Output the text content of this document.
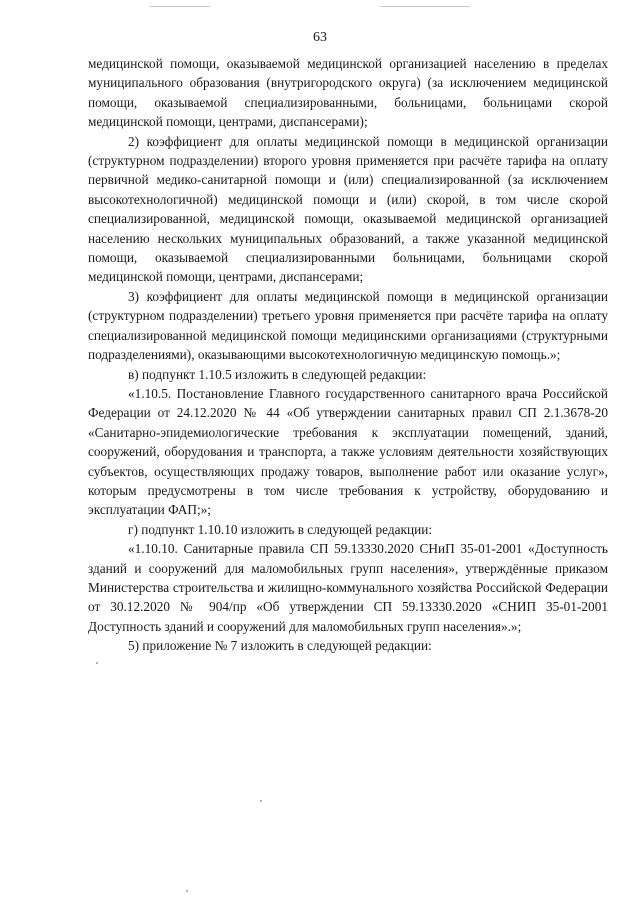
63

медицинской помощи, оказываемой медицинской организацией населению в пределах муниципального образования (внутригородского округа) (за исключением медицинской помощи, оказываемой специализированными, больницами, больницами скорой медицинской помощи, центрами, диспансерами);

2) коэффициент для оплаты медицинской помощи в медицинской организации (структурном подразделении) второго уровня применяется при расчёте тарифа на оплату первичной медико-санитарной помощи и (или) специализированной (за исключением высокотехнологичной) медицинской помощи и (или) скорой, в том числе скорой специализированной, медицинской помощи, оказываемой медицинской организацией населению нескольких муниципальных образований, а также указанной медицинской помощи, оказываемой специализированными больницами, больницами скорой медицинской помощи, центрами, диспансерами;

3) коэффициент для оплаты медицинской помощи в медицинской организации (структурном подразделении) третьего уровня применяется при расчёте тарифа на оплату специализированной медицинской помощи медицинскими организациями (структурными подразделениями), оказывающими высокотехнологичную медицинскую помощь.»;

в) подпункт 1.10.5 изложить в следующей редакции:

«1.10.5. Постановление Главного государственного санитарного врача Российской Федерации от 24.12.2020 № 44 «Об утверждении санитарных правил СП 2.1.3678-20 «Санитарно-эпидемиологические требования к эксплуатации помещений, зданий, сооружений, оборудования и транспорта, а также условиям деятельности хозяйствующих субъектов, осуществляющих продажу товаров, выполнение работ или оказание услуг», которым предусмотрены в том числе требования к устройству, оборудованию и эксплуатации ФАП;»;

г) подпункт 1.10.10 изложить в следующей редакции:

«1.10.10. Санитарные правила СП 59.13330.2020 СНиП 35-01-2001 «Доступность зданий и сооружений для маломобильных групп населения», утверждённые приказом Министерства строительства и жилищно-коммунального хозяйства Российской Федерации от 30.12.2020 № 904/пр «Об утверждении СП 59.13330.2020 «СНИП 35-01-2001 Доступность зданий и сооружений для маломобильных групп населения».»;

5) приложение № 7 изложить в следующей редакции:
